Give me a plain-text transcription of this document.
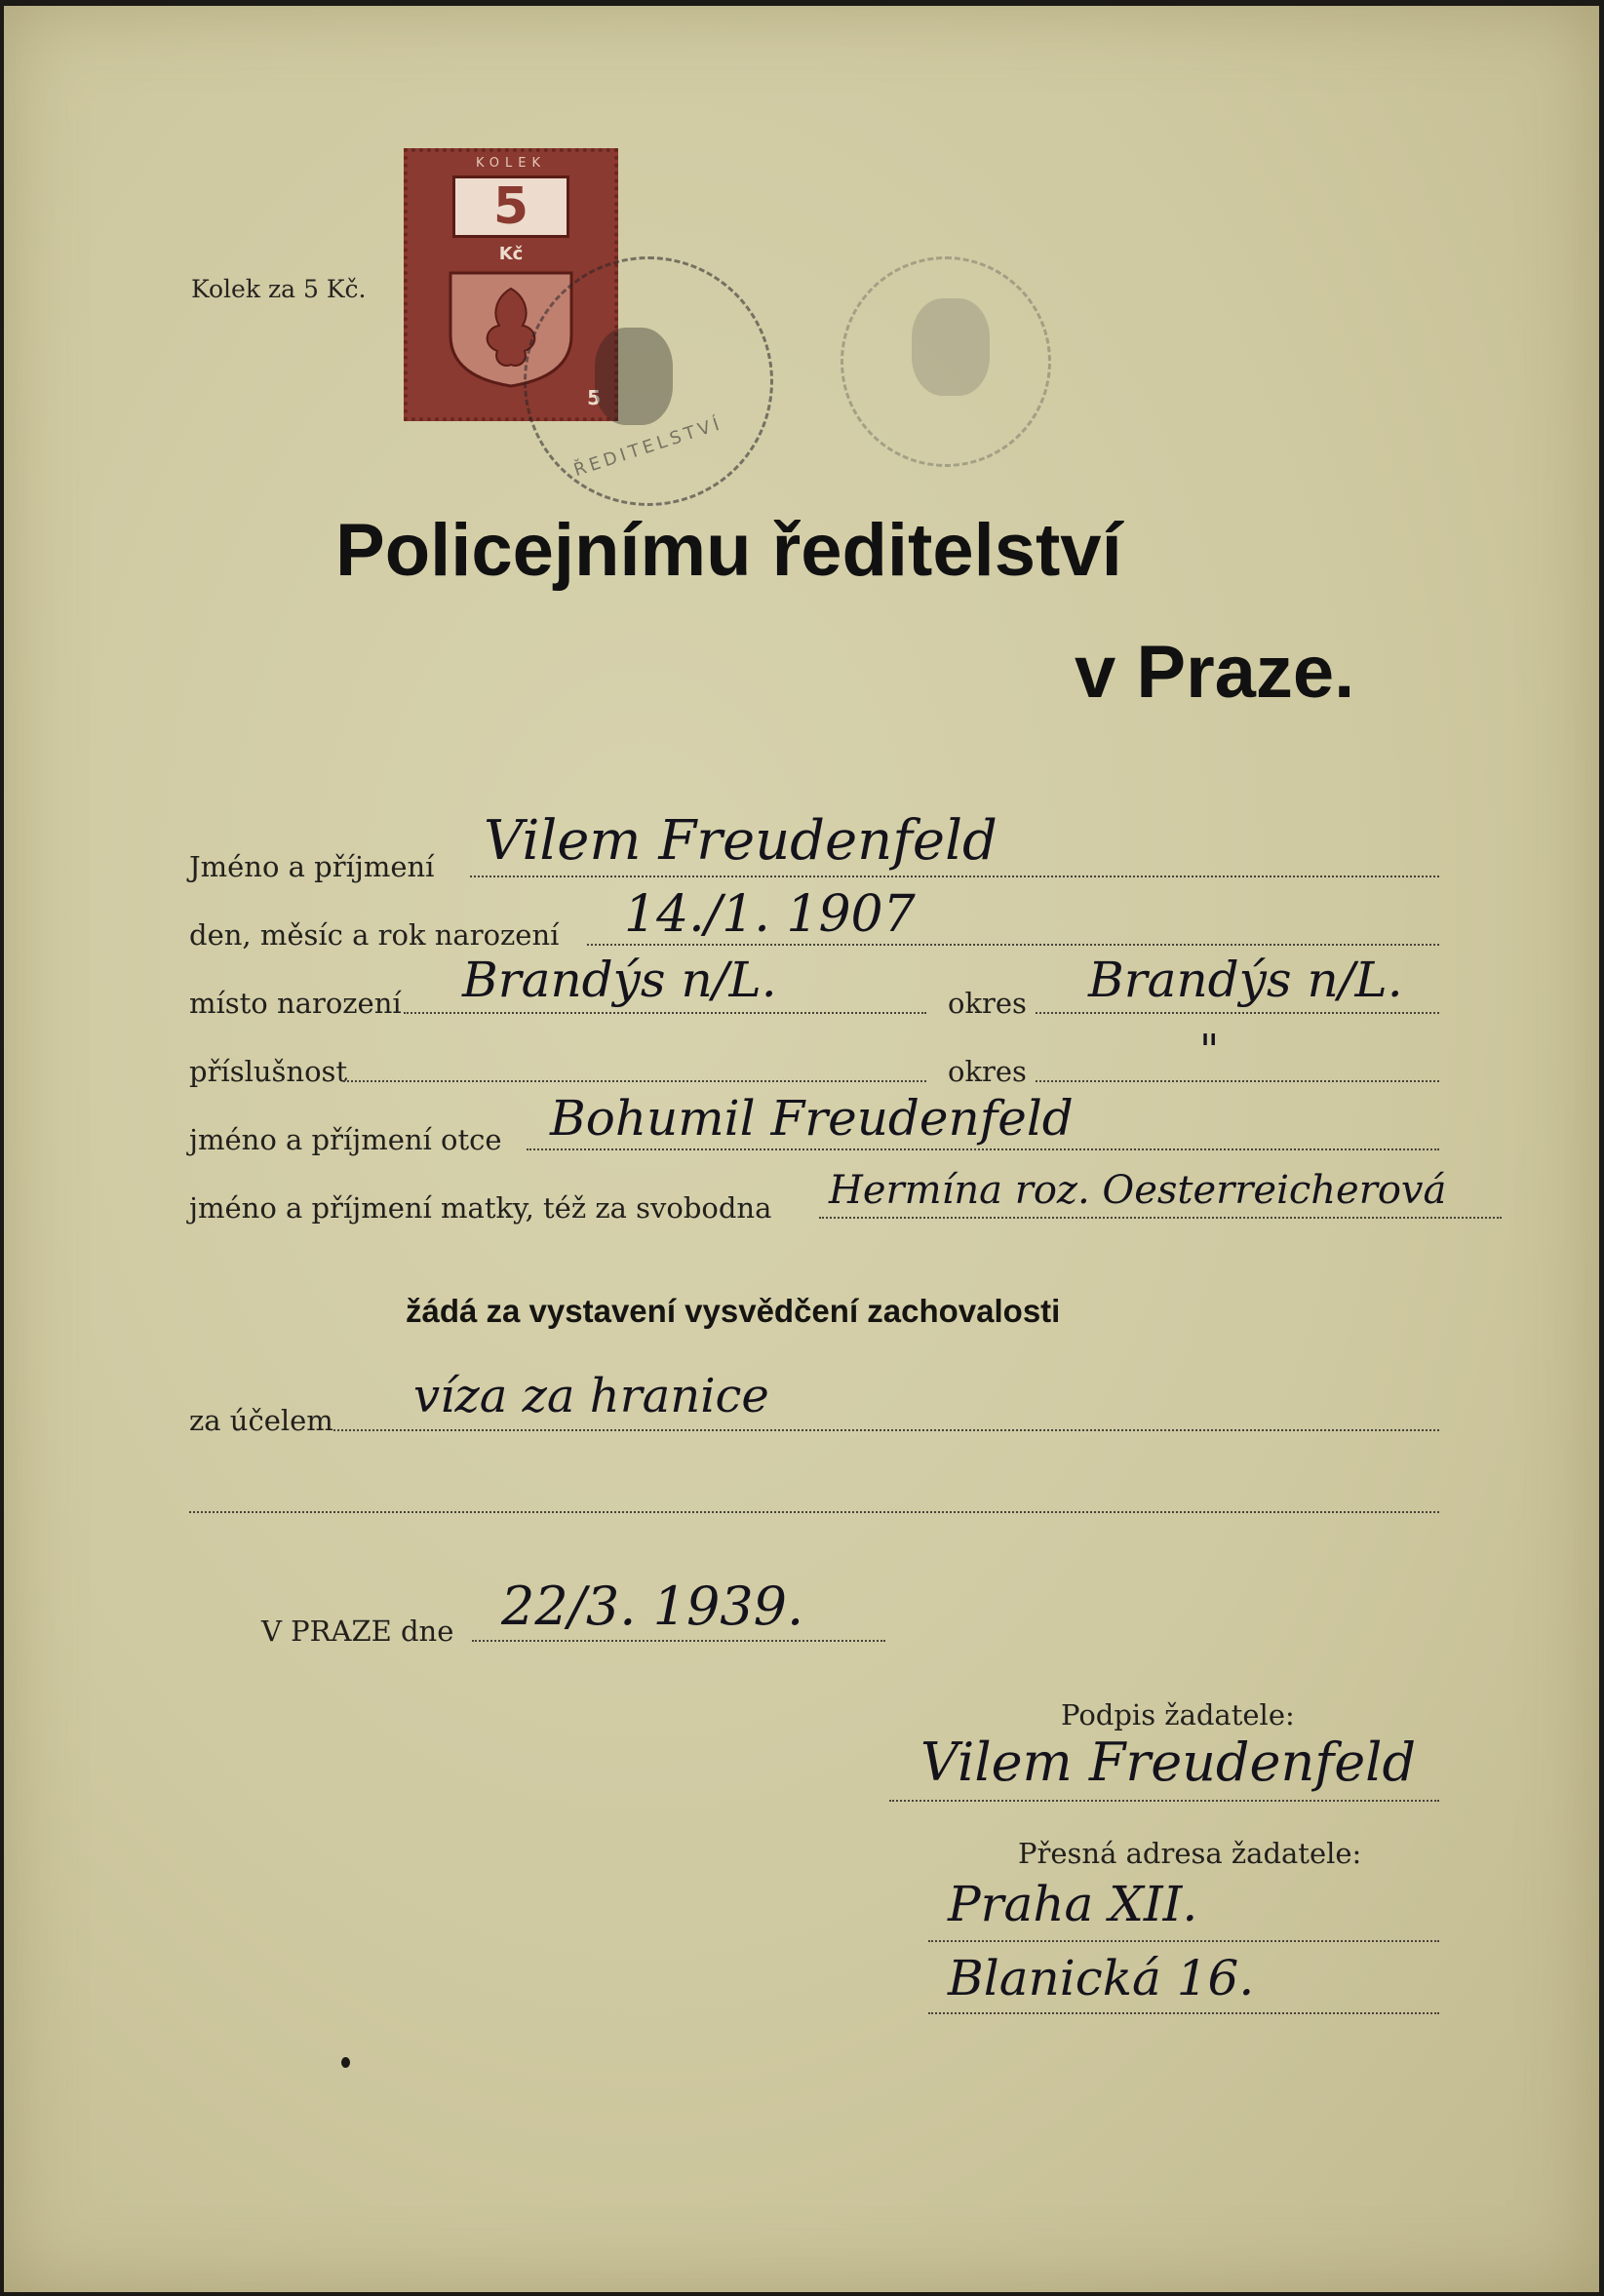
Kolek za 5 Kč.
KOLEK
5
Kč
5
ŘEDITELSTVÍ
Policejnímu ředitelství
v Praze.
Jméno a příjmení Vilem Freudenfeld
den, měsíc a rok narození 14./1. 1907
místo narození Brandýs n/L.	okres Brandýs n/L.
příslušnost	okres	"
jméno a příjmení otce Bohumil Freudenfeld
jméno a příjmení matky, též za svobodna Hermína roz. Oesterreicherová
žádá za vystavení vysvědčení zachovalosti
za účelem víza za hranice
V PRAZE dne 22/3. 1939.
Podpis žadatele:
Vilem Freudenfeld
Přesná adresa žadatele:
Praha XII.
Blanická 16.
